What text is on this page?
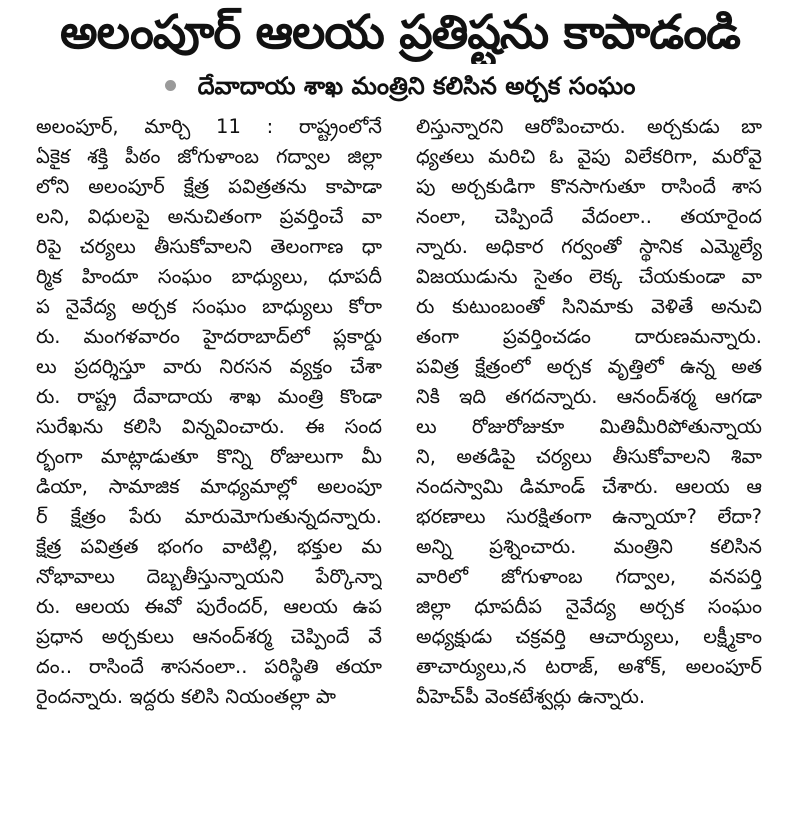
అలంపూర్ ఆలయ ప్రతిష్టను కాపాడండి
దేవాదాయ శాఖ మంత్రిని కలిసిన అర్చక సంఘం
అలంపూర్, మార్చి 11 : రాష్ట్రంలోనే
ఏకైక శక్తి పీఠం జోగుళాంబ గద్వాల జిల్లా
లోని అలంపూర్ క్షేత్ర పవిత్రతను కాపాడా
లని, విధులపై అనుచితంగా ప్రవర్తించే వా
రిపై చర్యలు తీసుకోవాలని తెలంగాణ ధా
ర్మిక హిందూ సంఘం బాధ్యులు, ధూపదీ
ప నైవేద్య అర్చక సంఘం బాధ్యులు కోరా
రు. మంగళవారం హైదరాబాద్‌లో ప్లకార్డు
లు ప్రదర్శిస్తూ వారు నిరసన వ్యక్తం చేశా
రు. రాష్ట్ర దేవాదాయ శాఖ మంత్రి కొండా
సురేఖను కలిసి విన్నవించారు. ఈ సంద
ర్భంగా మాట్లాడుతూ కొన్ని రోజులుగా మీ
డియా, సామాజిక మాధ్యమాల్లో అలంపూ
ర్ క్షేత్రం పేరు మారుమోగుతున్నదన్నారు.
క్షేత్ర పవిత్రత భంగం వాటిల్లి, భక్తుల మ
నోభావాలు దెబ్బతీస్తున్నాయని పేర్కొన్నా
రు. ఆలయ ఈవో పురేందర్, ఆలయ ఉప
ప్రధాన అర్చకులు ఆనంద్‌శర్మ చెప్పిందే వే
దం.. రాసిందే శాసనంలా.. పరిస్థితి తయా
రైందన్నారు. ఇద్దరు కలిసి నియంతల్లా పా
లిస్తున్నారని ఆరోపించారు. అర్చకుడు బా
ధ్యతలు మరిచి ఓ వైపు విలేకరిగా, మరోవై
పు అర్చకుడిగా కొనసాగుతూ రాసిందే శాస
నంలా, చెప్పిందే వేదంలా.. తయారైంద
న్నారు. అధికార గర్వంతో స్థానిక ఎమ్మెల్యే
విజయుడును సైతం లెక్క చేయకుండా వా
రు కుటుంబంతో సినిమాకు వెళితే అనుచి
తంగా ప్రవర్తించడం దారుణమన్నారు.
పవిత్ర క్షేత్రంలో అర్చక వృత్తిలో ఉన్న అత
నికి ఇది తగదన్నారు. ఆనంద్‌శర్మ ఆగడా
లు రోజురోజుకూ మితిమీరిపోతున్నాయ
ని, అతడిపై చర్యలు తీసుకోవాలని శివా
నందస్వామి డిమాండ్ చేశారు. ఆలయ ఆ
భరణాలు సురక్షితంగా ఉన్నాయా? లేదా?
అన్ని ప్రశ్నించారు. మంత్రిని కలిసిన
వారిలో జోగుళాంబ గద్వాల, వనపర్తి
జిల్లా ధూపదీప నైవేద్య అర్చక సంఘం
అధ్యక్షుడు చక్రవర్తి ఆచార్యులు, లక్ష్మీకాం
తాచార్యులు,న టరాజ్, అశోక్, అలంపూర్
వీహెచ్‌పీ వెంకటేశ్వర్లు ఉన్నారు.
